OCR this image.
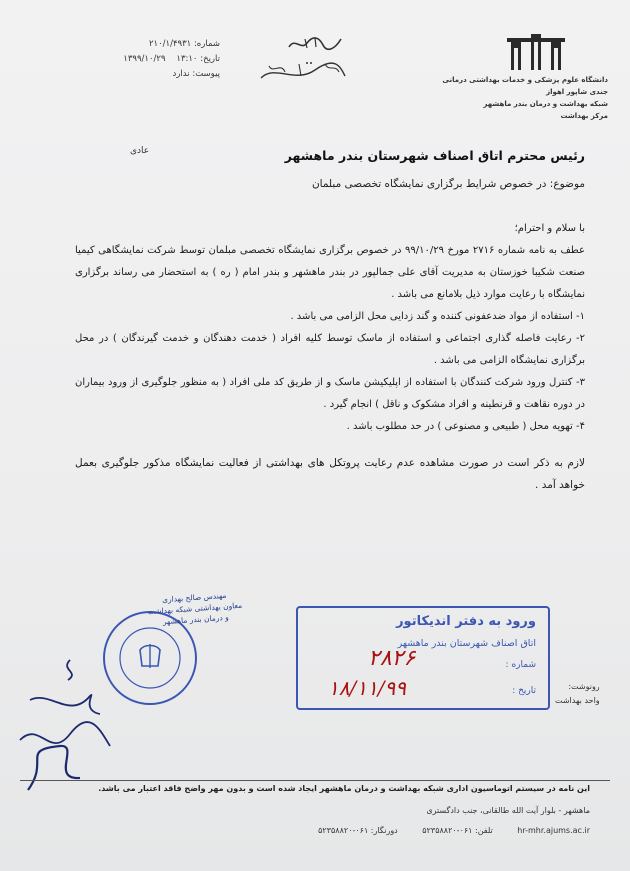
دانشگاه علوم پزشکی و خدمات بهداشتی درمانی
جندی شاپور اهواز
شبکه بهداشت و درمان بندر ماهشهر
مرکز بهداشت
شماره: ۲۱۰/۱/۴۹۳۱
تاریخ: ۱۳:۱۰    ۱۳۹۹/۱۰/۲۹
پیوست: ندارد
عادی	رئیس محترم اتاق اصناف شهرستان بندر ماهشهر
موضوع: در خصوص شرایط برگزاری نمایشگاه تخصصی مبلمان

با سلام و احترام؛

عطف به نامه شماره ۲۷۱۶ مورخ ۹۹/۱۰/۲۹ در خصوص برگزاری نمایشگاه تخصصی مبلمان توسط شرکت نمایشگاهی کیمیا صنعت شکیبا خوزستان به مدیریت آقای علی جمالپور در بندر ماهشهر و بندر امام ( ره ) به استحضار می رساند برگزاری نمایشگاه با رعایت موارد ذیل بلامانع می باشد .

۱- استفاده از مواد ضدعفونی کننده و گند زدایی محل الزامی می باشد .

۲- رعایت فاصله گذاری اجتماعی و استفاده از ماسک توسط کلیه افراد ( خدمت دهندگان و خدمت گیرندگان ) در محل برگزاری نمایشگاه الزامی می باشد .

۳- کنترل ورود شرکت کنندگان با استفاده از اپلیکیشن ماسک و از طریق کد ملی افراد ( به منظور جلوگیری از ورود بیماران در دوره نقاهت و قرنطینه و افراد مشکوک و ناقل ) انجام گیرد .

۴- تهویه محل ( طبیعی و مصنوعی ) در حد مطلوب باشد .

لازم به ذکر است در صورت مشاهده عدم رعایت پروتکل های بهداشتی از فعالیت نمایشگاه مذکور جلوگیری بعمل خواهد آمد .

مهندس صالح بهداری
معاون بهداشتی شبکه بهداشت
و درمان بندر ماهشهر	ورود به دفتر اندیکاتور
اتاق اصناف شهرستان بندر ماهشهر
شماره :
تاریخ :
۲۸۲۶
۱۸/۱۱/۹۹	رونوشت:
واحد بهداشت
این نامه در سیستم اتوماسیون اداری شبکه بهداشت و درمان ماهشهر ایجاد شده است و بدون مهر واضح فاقد اعتبار می باشد.
ماهشهر - بلوار آیت الله طالقانی، جنب دادگستری
hr-mhr.ajums.ac.ir تلفن: ۰۶۱-۵۲۳۵۸۸۲۰ دورنگار: ۰۶۱-۵۲۳۵۸۸۲۰
